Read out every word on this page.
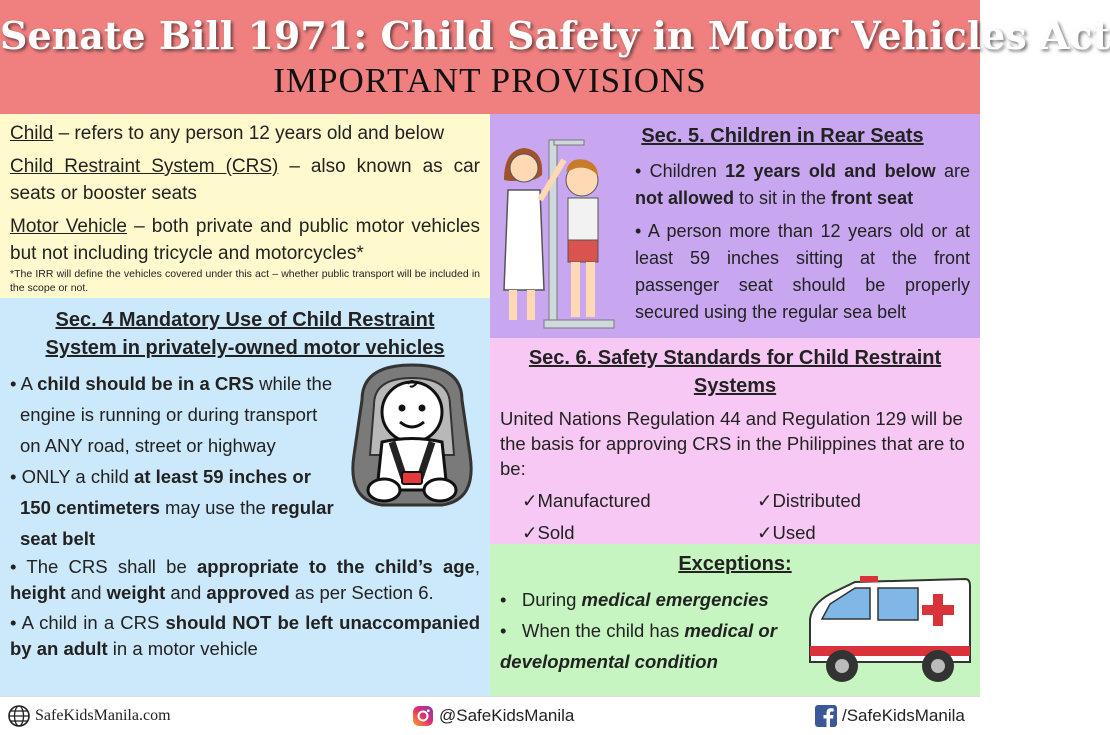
Senate Bill 1971: Child Safety in Motor Vehicles Act
IMPORTANT PROVISIONS

Child – refers to any person 12 years old and below

Child Restraint System (CRS) – also known as car seats or booster seats

Motor Vehicle – both private and public motor vehicles but not including tricycle and motorcycles*

*The IRR will define the vehicles covered under this act – whether public transport will be included in the scope or not.

Sec. 4 Mandatory Use of Child Restraint System in privately-owned motor vehicles
• A child should be in a CRS while the
engine is running or during transport
on ANY road, street or highway
• ONLY a child at least 59 inches or
150 centimeters may use the regular
seat belt
• The CRS shall be appropriate to the child’s age, height and weight and approved as per Section 6.
• A child in a CRS should NOT be left unaccompanied by an adult in a motor vehicle
Sec. 5. Children in Rear Seats

• Children 12 years old and below are not allowed to sit in the front seat

• A person more than 12 years old or at least 59 inches sitting at the front passenger seat should be properly secured using the regular sea belt

Sec. 6. Safety Standards for Child Restraint Systems
United Nations Regulation 44 and Regulation 129 will be the basis for approving CRS in the Philippines that are to be:
✓Manufactured	✓Distributed
✓Sold	✓Used
Exceptions:
•   During medical emergencies
•   When the child has medical or developmental condition
SafeKidsManila.com	@SafeKidsManila	/SafeKidsManila
